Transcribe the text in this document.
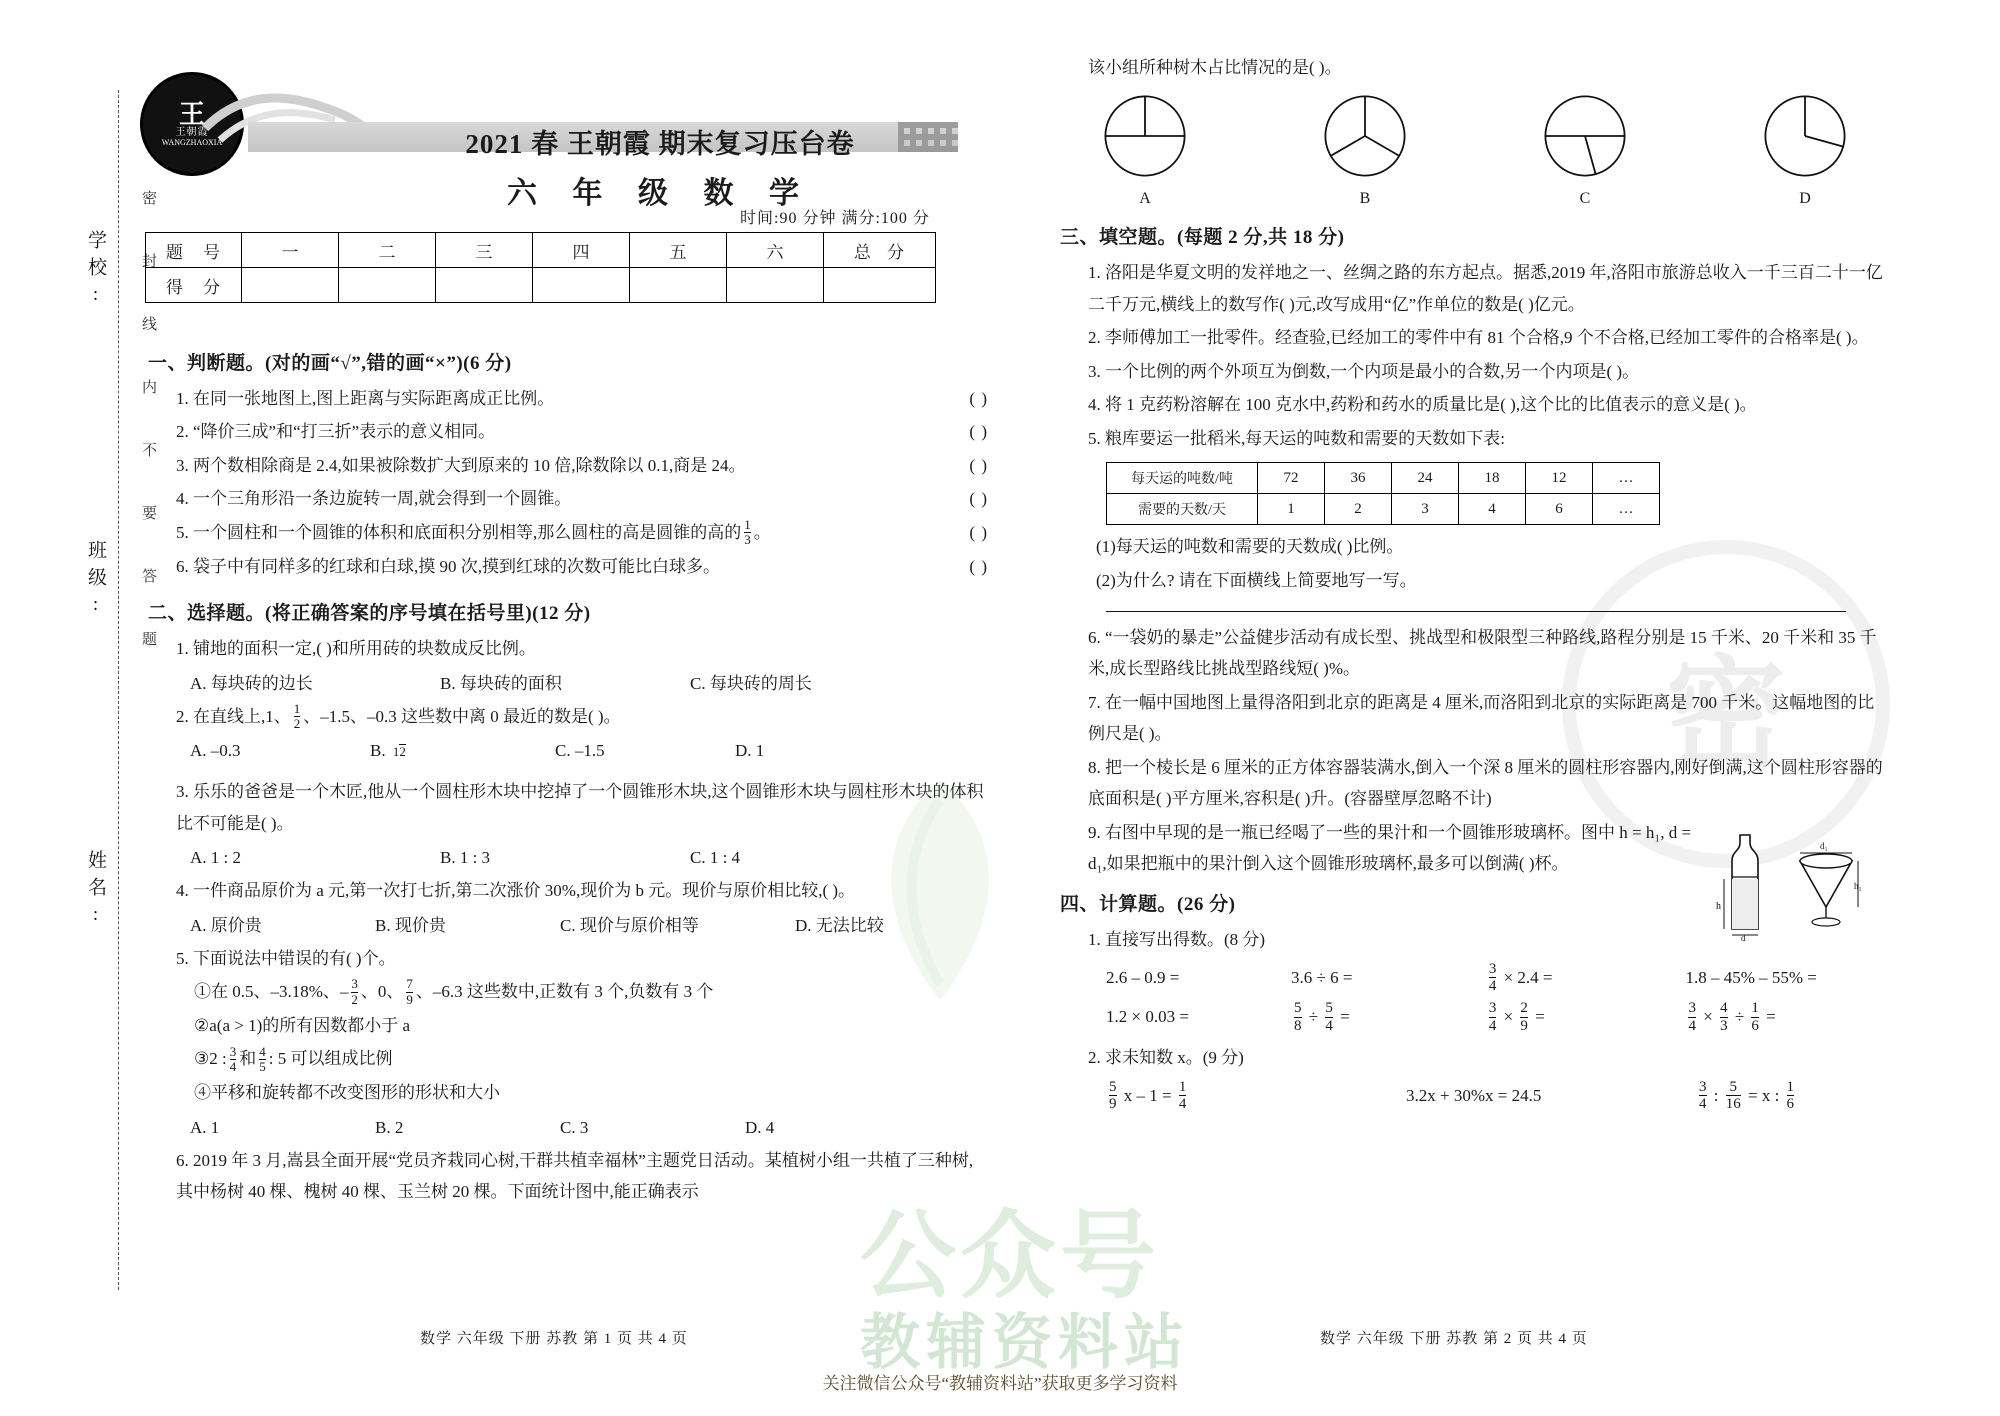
密
公众号
教辅资料站
学校:
班级:
姓名:
密 封 线 内 不 要 答 题
王
王朝霞
WANGZHAOXIA	2021 春 王朝霞 期末复习压台卷
六 年 级 数 学
时间:90 分钟 满分:100 分
题 号	一	二	三	四	五	六	总 分
得 分							
一、判断题。(对的画“√”,错的画“×”)(6 分)
( )
1. 在同一张地图上,图上距离与实际距离成正比例。
( )
2. “降价三成”和“打三折”表示的意义相同。
( )
3. 两个数相除商是 2.4,如果被除数扩大到原来的 10 倍,除数除以 0.1,商是 24。
( )
4. 一个三角形沿一条边旋转一周,就会得到一个圆锥。
( )
5. 一个圆柱和一个圆锥的体积和底面积分别相等,那么圆柱的高是圆锥的高的 $\frac{1}{3}$ 。
( )
6. 袋子中有同样多的红球和白球,摸 90 次,摸到红球的次数可能比白球多。
二、选择题。(将正确答案的序号填在括号里)(12 分)
1. 铺地的面积一定,( )和所用砖的块数成反比例。
A. 每块砖的边长	B. 每块砖的面积	C. 每块砖的周长
2. 在直线上,1、 $\frac{1}{2}$ 、–1.5、–0.3 这些数中离 0 最近的数是( )。
A. –0.3	B. 12	C. –1.5	D. 1
3. 乐乐的爸爸是一个木匠,他从一个圆柱形木块中挖掉了一个圆锥形木块,这个圆锥形木块与圆柱形木块的体积比不可能是( )。
A. 1 : 2	B. 1 : 3	C. 1 : 4
4. 一件商品原价为 a 元,第一次打七折,第二次涨价 30%,现价为 b 元。现价与原价相比较,( )。
A. 原价贵	B. 现价贵	C. 现价与原价相等	D. 无法比较
5. 下面说法中错误的有( )个。
①在 0.5、–3.18%、– $\frac{3}{2}$ 、0、 $\frac{7}{9}$ 、–6.3 这些数中,正数有 3 个,负数有 3 个
②a(a > 1)的所有因数都小于 a
③2 : $\frac{3}{4}$ 和 $\frac{4}{5}$ : 5 可以组成比例
④平移和旋转都不改变图形的形状和大小
A. 1	B. 2	C. 3	D. 4
6. 2019 年 3 月,嵩县全面开展“党员齐栽同心树,干群共植幸福林”主题党日活动。某植树小组一共植了三种树,其中杨树 40 棵、槐树 40 棵、玉兰树 20 棵。下面统计图中,能正确表示
该小组所种树木占比情况的是( )。
A	B	C	D
三、填空题。(每题 2 分,共 18 分)
1. 洛阳是华夏文明的发祥地之一、丝绸之路的东方起点。据悉,2019 年,洛阳市旅游总收入一千三百二十一亿二千万元,横线上的数写作( )元,改写成用“亿”作单位的数是( )亿元。
2. 李师傅加工一批零件。经查验,已经加工的零件中有 81 个合格,9 个不合格,已经加工零件的合格率是( )。
3. 一个比例的两个外项互为倒数,一个内项是最小的合数,另一个内项是( )。
4. 将 1 克药粉溶解在 100 克水中,药粉和药水的质量比是( ),这个比的比值表示的意义是( )。
5. 粮库要运一批稻米,每天运的吨数和需要的天数如下表:
每天运的吨数/吨	72	36	24	18	12	…
需要的天数/天	1	2	3	4	6	…
(1)每天运的吨数和需要的天数成( )比例。
(2)为什么? 请在下面横线上简要地写一写。
6. “一袋奶的暴走”公益健步活动有成长型、挑战型和极限型三种路线,路程分别是 15 千米、20 千米和 35 千米,成长型路线比挑战型路线短( )%。
7. 在一幅中国地图上量得洛阳到北京的距离是 4 厘米,而洛阳到北京的实际距离是 700 千米。这幅地图的比例尺是( )。
8. 把一个棱长是 6 厘米的正方体容器装满水,倒入一个深 8 厘米的圆柱形容器内,刚好倒满,这个圆柱形容器的底面积是( )平方厘米,容积是( )升。(容器壁厚忽略不计)
9. 右图中早现的是一瓶已经喝了一些的果汁和一个圆锥形玻璃杯。图中 h = h₁, d = d₁,如果把瓶中的果汁倒入这个圆锥形玻璃杯,最多可以倒满( )杯。
h
d
d₁
h₁
四、计算题。(26 分)
1. 直接写出得数。(8 分)
2.6 – 0.9 =	3.6 ÷ 6 =	$\frac{3}{4} \times 2.4$ =	1.8 – 45% – 55% =
1.2 × 0.03 =	$\frac{5}{8} \div \frac{5}{4}$ =	$\frac{3}{4} \times \frac{2}{9}$ =	$\frac{3}{4} \times \frac{4}{3} \div \frac{1}{6}$ =
2. 求未知数 x。(9 分)
$\frac{5}{9}$ $x - 1 = \frac{1}{4}$	3.2x + 30%x = 24.5	$\frac{3}{4}$ : $\frac{5}{16} = x$ : $\frac{1}{6}$
数学 六年级 下册 苏教 第 1 页 共 4 页	数学 六年级 下册 苏教 第 2 页 共 4 页
关注微信公众号“教辅资料站”获取更多学习资料
